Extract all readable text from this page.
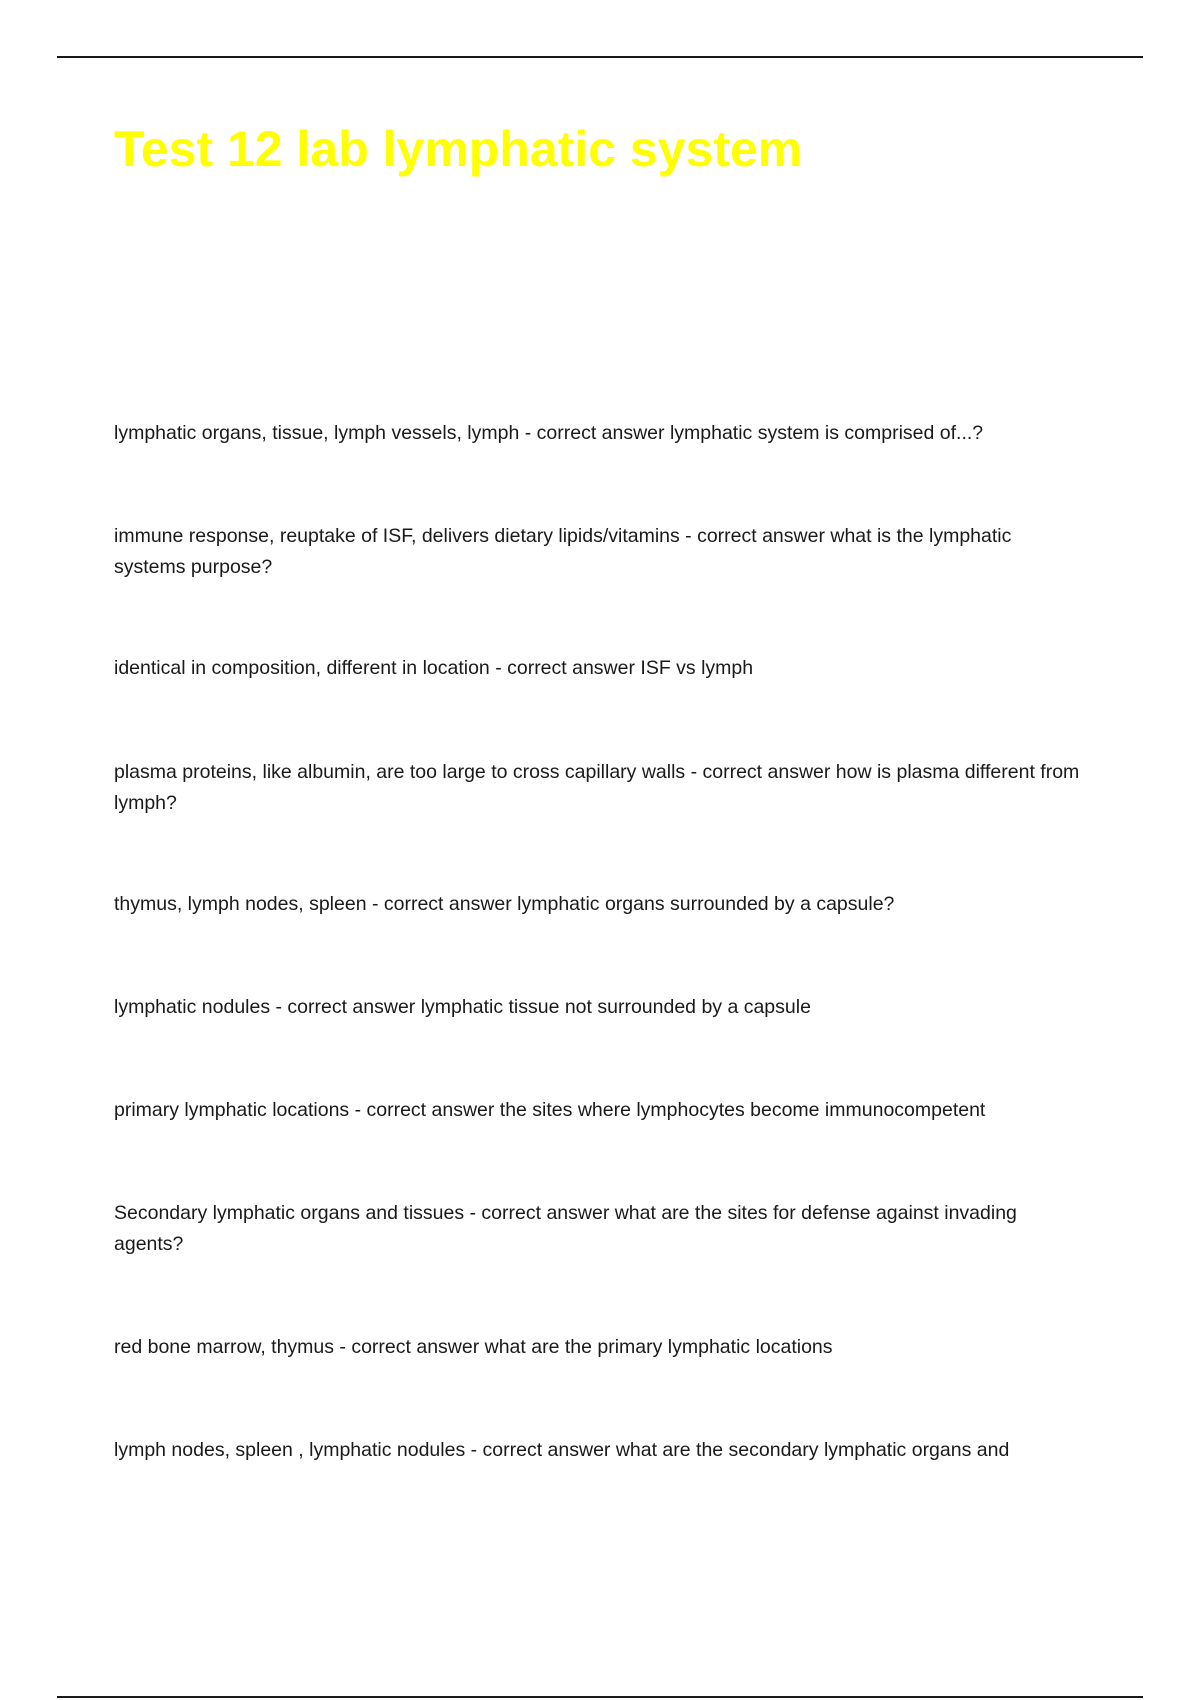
Test 12 lab lymphatic system
lymphatic organs, tissue, lymph vessels, lymph - correct answer lymphatic system is comprised of...?
immune response, reuptake of ISF, delivers dietary lipids/vitamins - correct answer what is the lymphatic systems purpose?
identical in composition, different in location - correct answer ISF vs lymph
plasma proteins, like albumin, are too large to cross capillary walls - correct answer how is plasma different from lymph?
thymus, lymph nodes, spleen - correct answer lymphatic organs surrounded by a capsule?
lymphatic nodules - correct answer lymphatic tissue not surrounded by a capsule
primary lymphatic locations - correct answer the sites where lymphocytes become immunocompetent
Secondary lymphatic organs and tissues - correct answer what are the sites for defense against invading agents?
red bone marrow, thymus - correct answer what are the primary lymphatic locations
lymph nodes, spleen , lymphatic nodules - correct answer what are the secondary lymphatic organs and
